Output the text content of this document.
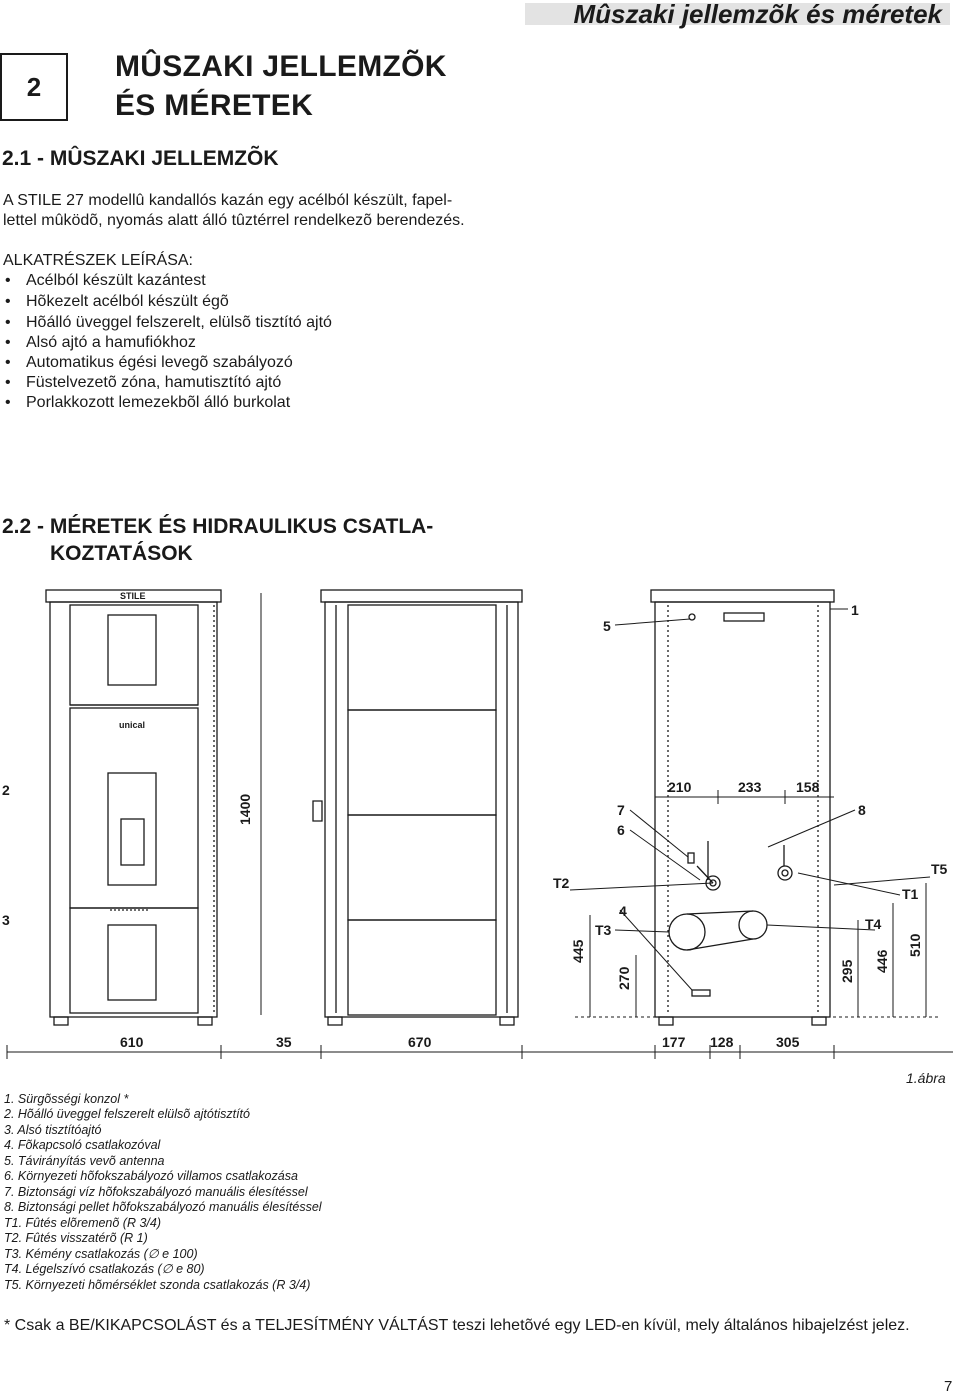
Mûszaki jellemzõk és méretek
2
MÛSZAKI JELLEMZÕK
ÉS MÉRETEK
2.1 - MÛSZAKI JELLEMZÕK
A STILE 27 modellû kandallós kazán egy acélból készült, fapel-
lettel mûködõ, nyomás alatt álló tûztérrel rendelkezõ berendezés.
ALKATRÉSZEK LEÍRÁSA:
• Acélból készült kazántest
• Hõkezelt acélból készült égõ
• Hõálló üveggel felszerelt, elülsõ tisztító ajtó
• Alsó ajtó a hamufiókhoz
• Automatikus égési levegõ szabályozó
• Füstelvezetõ zóna, hamutisztító ajtó
• Porlakkozott lemezekbõl álló burkolat
2.2 - MÉRETEK ÉS HIDRAULIKUS CSATLA-
KOZTATÁSOK
STILE
unical
1400
610	35	670
210	233 158
177 128	305
445
270	295 446
510
1
2
3
4
5
6
7	8
T1
T2
T3	T4
T5
1.ábra
1. Sürgõsségi konzol *
2. Hõálló üveggel felszerelt elülsõ ajtótisztító
3. Alsó tisztítóajtó
4. Fõkapcsoló csatlakozóval
5. Távirányítás vevõ antenna
6. Környezeti hõfokszabályozó villamos csatlakozása
7. Biztonsági víz hõfokszabályozó manuális élesítéssel
8. Biztonsági pellet hõfokszabályozó manuális élesítéssel
T1. Fûtés elõremenõ (R 3/4)
T2. Fûtés visszatérõ (R 1)
T3. Kémény csatlakozás (∅ e 100)
T4. Légelszívó csatlakozás (∅ e 80)
T5. Környezeti hõmérséklet szonda csatlakozás (R 3/4)
* Csak a BE/KIKAPCSOLÁST és a TELJESÍTMÉNY VÁLTÁST teszi lehetõvé egy LED-en kívül, mely általános hibajelzést jelez.
7
